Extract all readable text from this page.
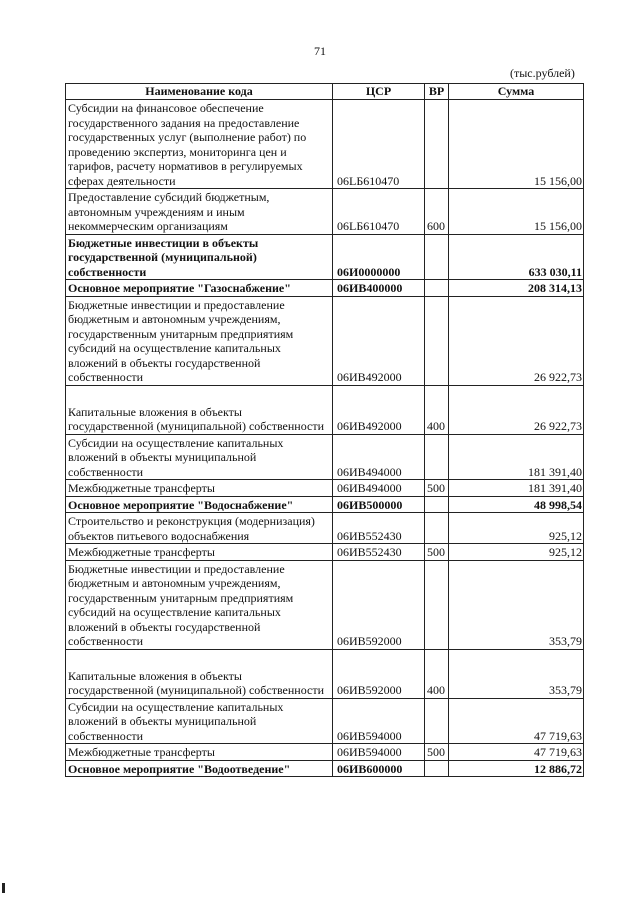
71
(тыс.рублей)
Наименование кода	ЦСР	ВР	Сумма
Субсидии на финансовое обеспечение государственного задания на предоставление государственных услуг (выполнение работ) по проведению экспертиз, мониторинга цен и тарифов, расчету нормативов в регулируемых сферах деятельности	06LБ610470		15 156,00
Предоставление субсидий бюджетным, автономным учреждениям и иным некоммерческим организациям	06LБ610470	600	15 156,00
Бюджетные инвестиции в объекты государственной (муниципальной) собственности	06И0000000		633 030,11
Основное мероприятие "Газоснабжение"	06ИВ400000		208 314,13
Бюджетные инвестиции и предоставление бюджетным и автономным учреждениям, государственным унитарным предприятиям субсидий на осуществление капитальных вложений в объекты государственной собственности	06ИВ492000		26 922,73
Капитальные вложения в объекты государственной (муниципальной) собственности	06ИВ492000	400	26 922,73
Субсидии на осуществление капитальных вложений в объекты муниципальной собственности	06ИВ494000		181 391,40
Межбюджетные трансферты	06ИВ494000	500	181 391,40
Основное мероприятие "Водоснабжение"	06ИВ500000		48 998,54
Строительство и реконструкция (модернизация) объектов питьевого водоснабжения	06ИВ552430		925,12
Межбюджетные трансферты	06ИВ552430	500	925,12
Бюджетные инвестиции и предоставление бюджетным и автономным учреждениям, государственным унитарным предприятиям субсидий на осуществление капитальных вложений в объекты государственной собственности	06ИВ592000		353,79
Капитальные вложения в объекты государственной (муниципальной) собственности	06ИВ592000	400	353,79
Субсидии на осуществление капитальных вложений в объекты муниципальной собственности	06ИВ594000		47 719,63
Межбюджетные трансферты	06ИВ594000	500	47 719,63
Основное мероприятие "Водоотведение"	06ИВ600000		12 886,72
